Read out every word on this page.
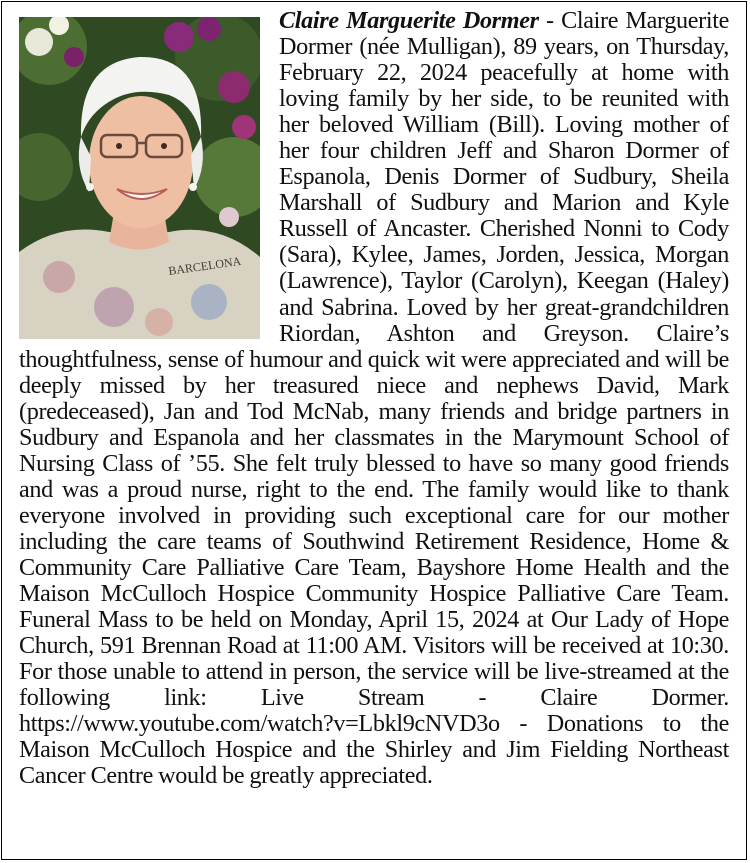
BARCELONA

Claire Marguerite Dormer - Claire Marguerite Dormer (née Mulligan), 89 years, on Thursday, February 22, 2024 peacefully at home with loving family by her side, to be reunited with her beloved William (Bill). Loving mother of her four children Jeff and Sharon Dormer of Espanola, Denis Dormer of Sudbury, Sheila Marshall of Sudbury and Marion and Kyle Russell of Ancaster. Cherished Nonni to Cody (Sara), Kylee, James, Jorden, Jessica, Morgan (Lawrence), Taylor (Carolyn), Keegan (Haley) and Sabrina. Loved by her great-grandchildren Riordan, Ashton and Greyson. Claire’s thoughtfulness, sense of humour and quick wit were appreciated and will be deeply missed by her treasured niece and nephews David, Mark (predeceased), Jan and Tod McNab, many friends and bridge partners in Sudbury and Espanola and her classmates in the Marymount School of Nursing Class of ’55. She felt truly blessed to have so many good friends and was a proud nurse, right to the end. The family would like to thank everyone involved in providing such exceptional care for our mother including the care teams of Southwind Retirement Residence, Home & Community Care Palliative Care Team, Bayshore Home Health and the Maison McCulloch Hospice Community Hospice Palliative Care Team. Funeral Mass to be held on Monday, April 15, 2024 at Our Lady of Hope Church, 591 Brennan Road at 11:00 AM. Visitors will be received at 10:30. For those unable to attend in person, the service will be live-streamed at the following link: Live Stream - Claire Dormer. https://www.youtube.com/watch?v=Lbkl9cNVD3o - Donations to the Maison McCulloch Hospice and the Shirley and Jim Fielding Northeast Cancer Centre would be greatly appreciated.
